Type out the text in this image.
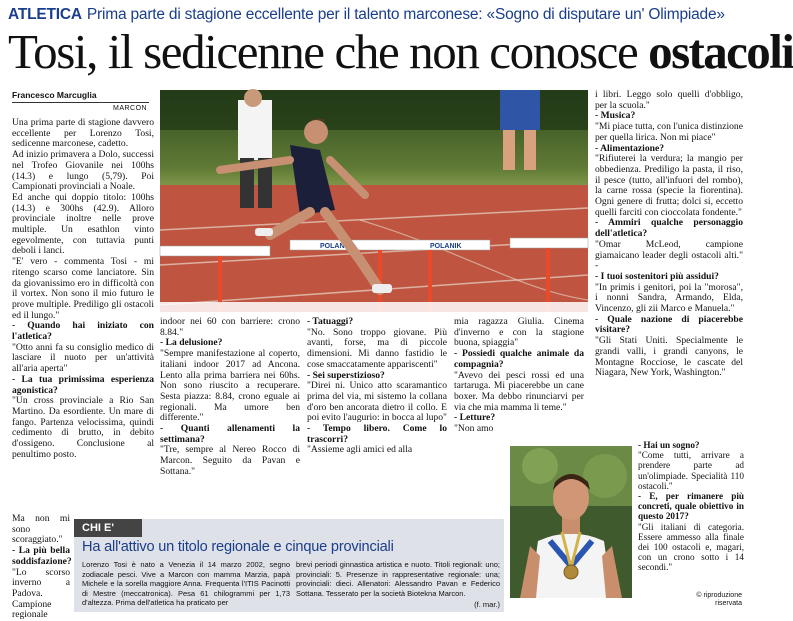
ATLETICA Prima parte di stagione eccellente per il talento marconese: «Sogno di disputare un' Olimpiade»
Tosi, il sedicenne che non conosce ostacoli
Francesco Marcuglia
MARCON
POLANIK	POLANIK

Una prima parte di stagione davvero eccellente per Lorenzo Tosi, sedicenne marconese, cadetto.

Ad inizio primavera a Dolo, successi nel Trofeo Giovanile nei 100hs (14.3) e lungo (5,79). Poi Campionati provinciali a Noale.

Ed anche qui doppio titolo: 100hs (14.3) e 300hs (42.9). Alloro provinciale inoltre nelle prove multiple. Un esathlon vinto egevolmente, con tuttavia punti deboli i lanci.

"E' vero - commenta Tosi - mi ritengo scarso come lanciatore. Sin da giovanissimo ero in difficoltà con il vortex. Non sono il mio futuro le prove multiple. Prediligo gli ostacoli ed il lungo."

- Quando hai iniziato con l'atletica?

"Otto anni fa su consiglio medico di lasciare il nuoto per un'attività all'aria aperta"

- La tua primissima esperienza agonistica?

"Un cross provinciale a Rio San Martino. Da esordiente. Un mare di fango. Partenza velocissima, quindi cedimento di brutto, in debito d'ossigeno. Conclusione al penultimo posto.

Ma non mi sono scoraggiato."

- La più bella soddisfazione?

"Lo scorso inverno a Padova. Campione regionale

indoor nei 60 con barriere: crono 8.84."

- La delusione?

"Sempre manifestazione al coperto, italiani indoor 2017 ad Ancona. Lento alla prima barriera nei 60hs. Non sono riuscito a recuperare. Sesta piazza: 8.84, crono eguale ai regionali. Ma umore ben differente."

- Quanti allenamenti la settimana?

"Tre, sempre al Nereo Rocco di Marcon. Seguito da Pavan e Sottana."

- Tatuaggi?

"No. Sono troppo giovane. Più avanti, forse, ma di piccole dimensioni. Mi danno fastidio le cose smaccatamente appariscenti"

- Sei superstizioso?

"Direi ni. Unico atto scaramantico prima del via, mi sistemo la collana d'oro ben ancorata dietro il collo. E poi evito l'augurio: in bocca al lupo"

- Tempo libero. Come lo trascorri?

"Assieme agli amici ed alla

mia ragazza Giulia. Cinema d'inverno e con la stagione buona, spiaggia"

- Possiedi qualche animale da compagnia?

"Avevo dei pesci rossi ed una tartaruga. Mi piacerebbe un cane boxer. Ma debbo rinunciarvi per via che mia mamma li teme."

- Letture?

"Non amo

i libri. Leggo solo quelli d'obbligo, per la scuola."

- Musica?

"Mi piace tutta, con l'unica distinzione per quella lirica. Non mi piace"

- Alimentazione?

"Rifiuterei la verdura; la mangio per obbedienza. Prediligo la pasta, il riso, il pesce (tutto, all'infuori del rombo), la carne rossa (specie la fiorentina). Ogni genere di frutta; dolci si, eccetto quelli farciti con cioccolata fondente."

- Ammiri qualche personaggio dell'atletica?

"Omar McLeod, campione giamaicano leader degli ostacoli alti." -

- I tuoi sostenitori più assidui?

"In primis i genitori, poi la "morosa", i nonni Sandra, Armando, Elda, Vincenzo, gli zii Marco e Manuela."

- Quale nazione di piacerebbe visitare?

"Gli Stati Uniti. Specialmente le grandi valli, i grandi canyons, le Montagne Rocciose, le cascate del Niagara, New York, Washington."

- Hai un sogno?

"Come tutti, arrivare a prendere parte ad un'olimpiade. Specialità 110 ostacoli."

- E, per rimanere più concreti, quale obiettivo in questo 2017?

"Gli italiani di categoria. Essere ammesso alla finale dei 100 ostacoli e, magari, con un crono sotto i 14 secondi."

CHI E'
Ha all'attivo un titolo regionale e cinque provinciali
Lorenzo Tosi è nato a Venezia il 14 marzo 2002, segno zodiacale pesci. Vive a Marcon con mamma Marzia, papà Michele e la sorella maggiore Anna. Frequenta l'ITIS Pacinotti di Mestre (meccatronica). Pesa 61 chilogrammi per 1,73 d'altezza. Prima dell'atletica ha praticato per
brevi periodi ginnastica artistica e nuoto. Titoli regionali: uno; provinciali: 5. Presenze in rappresentative regionale: una; provinciali: dieci. Allenatori: Alessandro Pavan e Federico Sottana. Tesserato per la società Biotekna Marcon.
(f. mar.)
© riproduzione
riservata
